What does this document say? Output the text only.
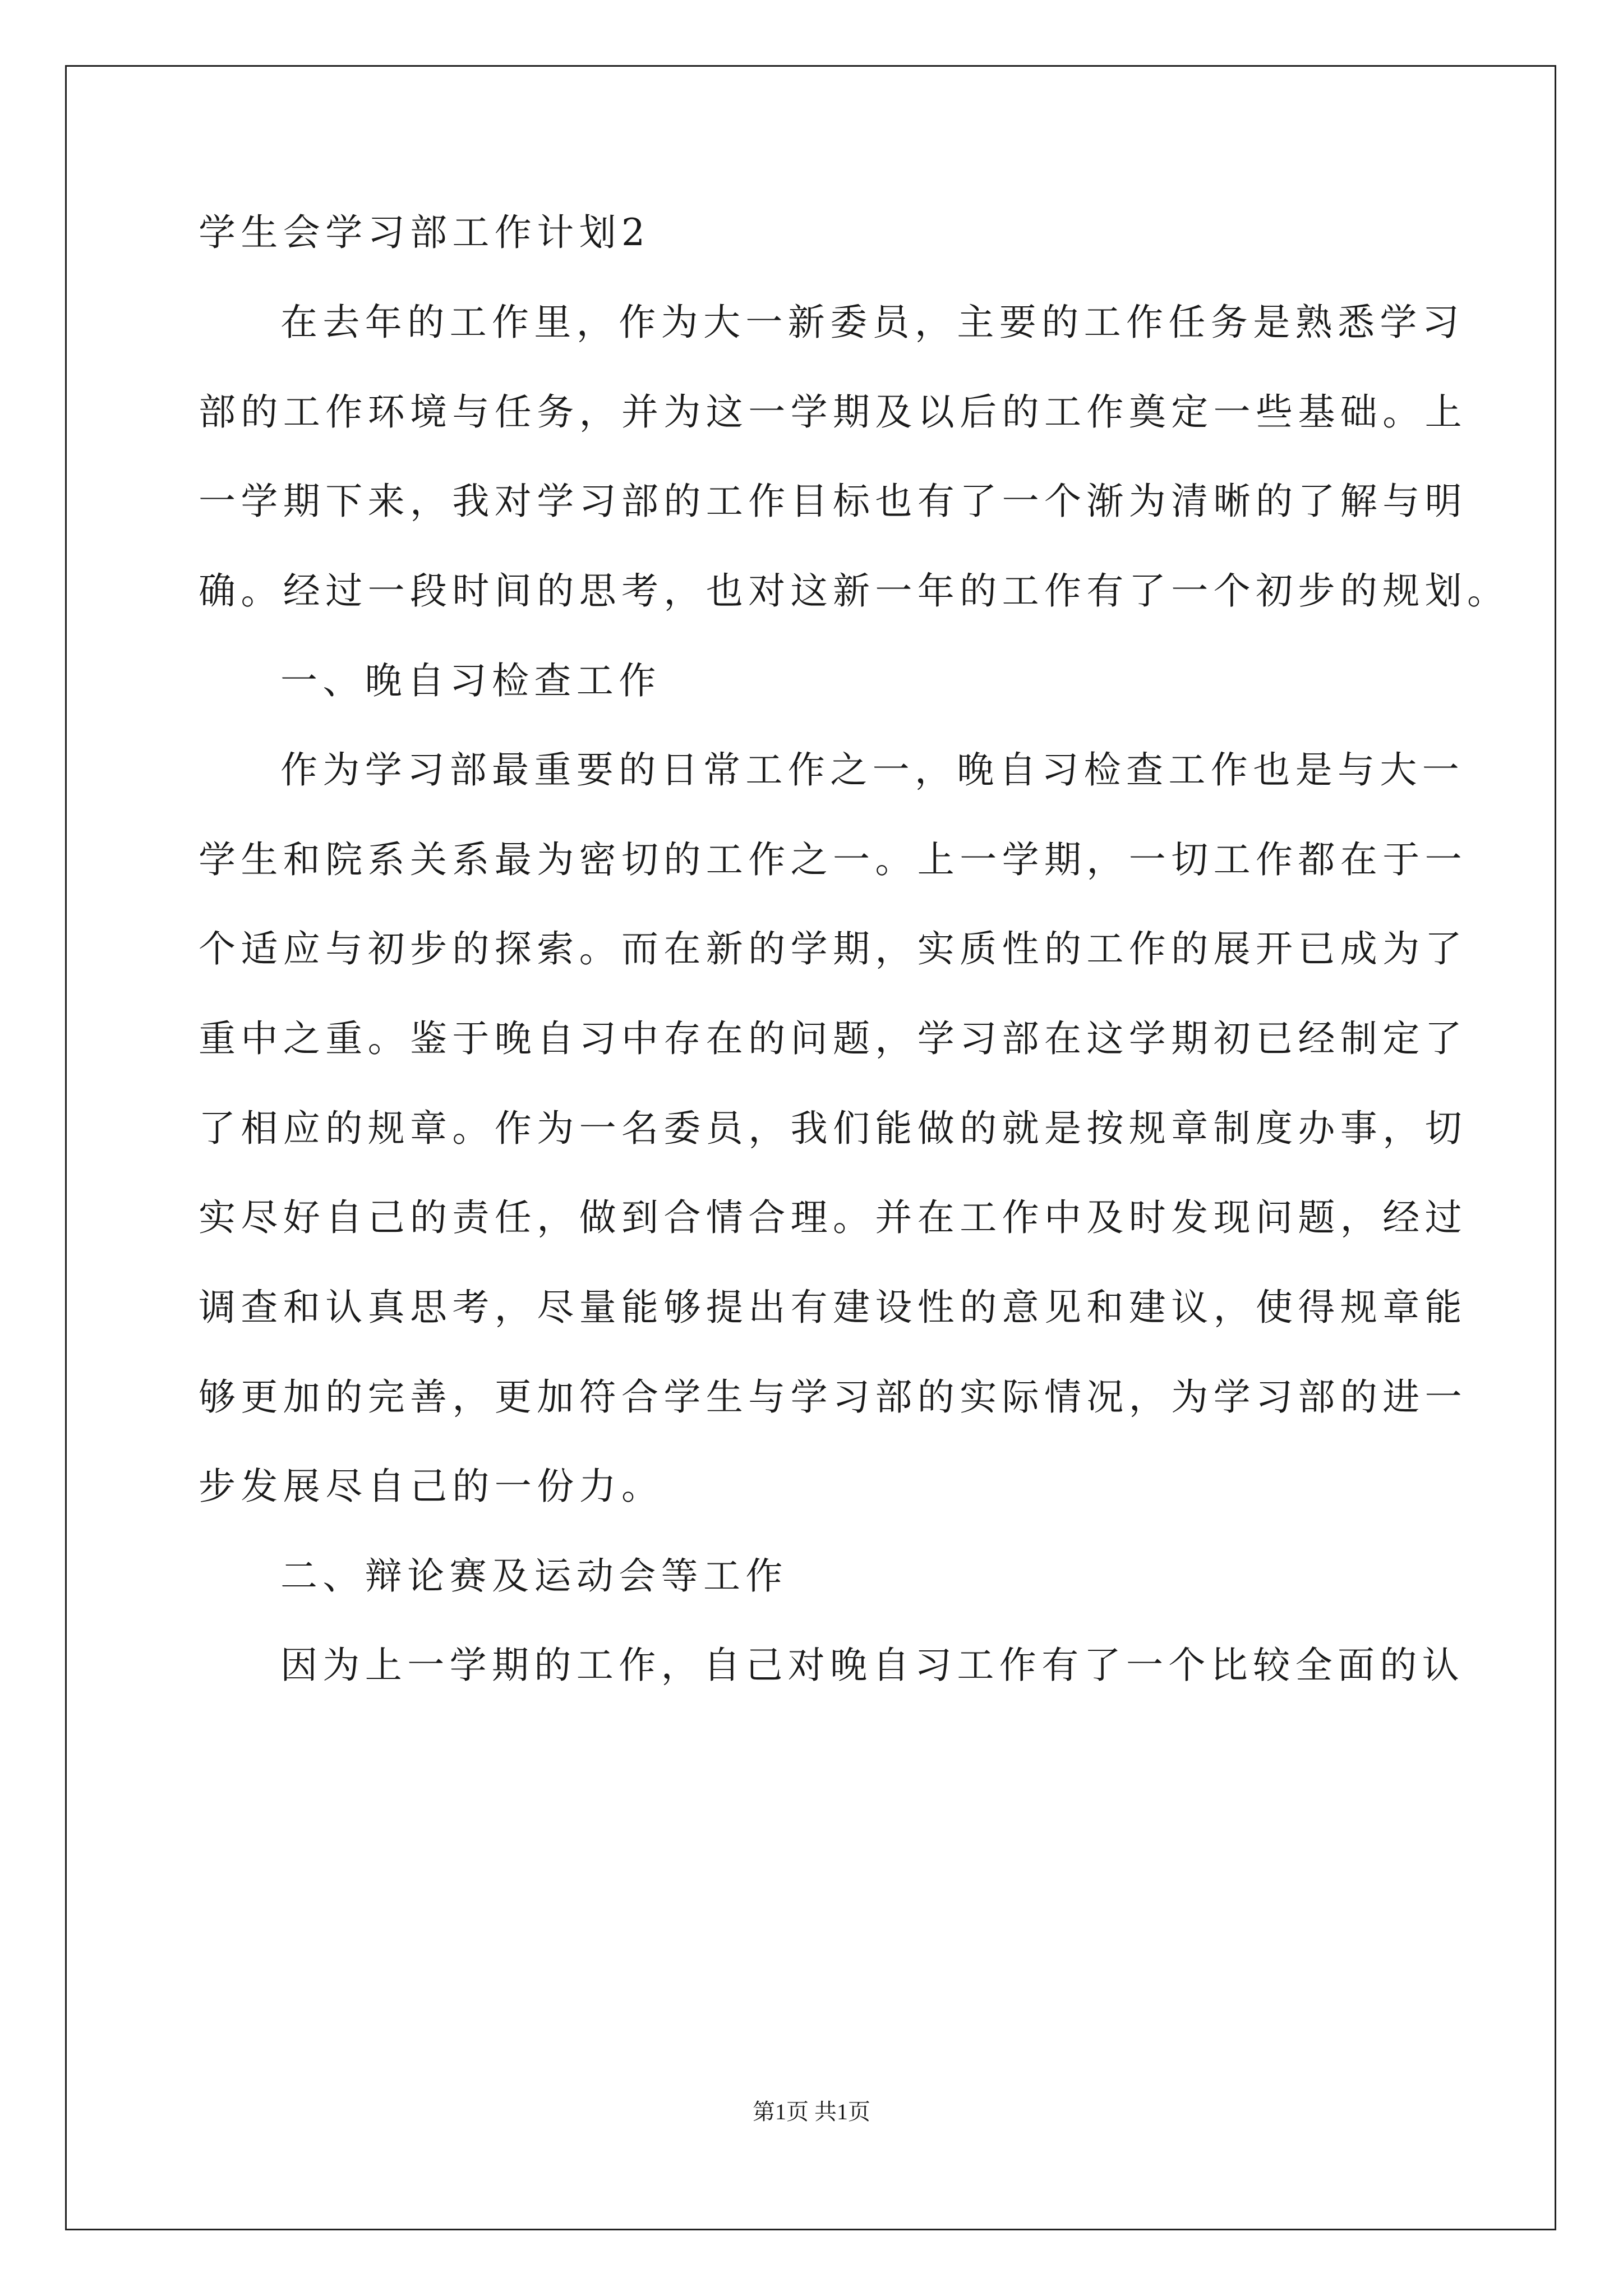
学生会学习部工作计划2
在去年的工作里，作为大一新委员，主要的工作任务是熟悉学习
部的工作环境与任务，并为这一学期及以后的工作奠定一些基础。上
一学期下来，我对学习部的工作目标也有了一个渐为清晰的了解与明
确。经过一段时间的思考，也对这新一年的工作有了一个初步的规划。
一、晚自习检查工作
作为学习部最重要的日常工作之一，晚自习检查工作也是与大一
学生和院系关系最为密切的工作之一。上一学期，一切工作都在于一
个适应与初步的探索。而在新的学期，实质性的工作的展开已成为了
重中之重。鉴于晚自习中存在的问题，学习部在这学期初已经制定了
了相应的规章。作为一名委员，我们能做的就是按规章制度办事，切
实尽好自己的责任，做到合情合理。并在工作中及时发现问题，经过
调查和认真思考，尽量能够提出有建设性的意见和建议，使得规章能
够更加的完善，更加符合学生与学习部的实际情况，为学习部的进一
步发展尽自己的一份力。
二、辩论赛及运动会等工作
因为上一学期的工作，自己对晚自习工作有了一个比较全面的认
第1页 共1页
